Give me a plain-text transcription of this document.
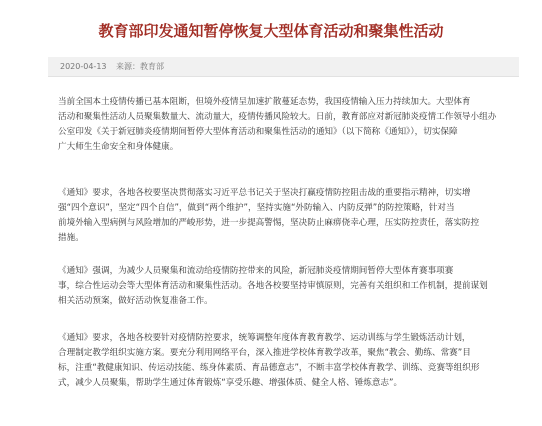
教育部印发通知暂停恢复大型体育活动和聚集性活动
2020-04-13 来源：教育部
当前全国本土疫情传播已基本阻断，但境外疫情呈加速扩散蔓延态势，我国疫情输入压力持续加大。大型体育
活动和聚集性活动人员聚集数量大、流动量大，疫情传播风险较大。日前，教育部应对新冠肺炎疫情工作领导小组办
公室印发《关于新冠肺炎疫情期间暂停大型体育活动和聚集性活动的通知》（以下简称《通知》），切实保障
广大师生生命安全和身体健康。
《通知》要求，各地各校要坚决贯彻落实习近平总书记关于坚决打赢疫情防控阻击战的重要指示精神，切实增
强“四个意识”，坚定“四个自信”，做到“两个维护”，坚持实施“外防输入、内防反弹”的防控策略，针对当
前境外输入型病例与风险增加的严峻形势，进一步提高警惕，坚决防止麻痹侥幸心理，压实防控责任，落实防控
措施。
《通知》强调，为减少人员聚集和流动给疫情防控带来的风险，新冠肺炎疫情期间暂停大型体育赛事项赛
事，综合性运动会等大型体育活动和聚集性活动。各地各校要坚持审慎原则，完善有关组织和工作机制，提前谋划
相关活动预案，做好活动恢复准备工作。
《通知》要求，各地各校要针对疫情防控要求，统筹调整年度体育教育教学、运动训练与学生锻炼活动计划，
合理制定教学组织实施方案。要充分利用网络平台，深入推进学校体育教学改革，聚焦“教会、勤练、常赛”目
标，注重“教健康知识、传运动技能、练身体素质、育品德意志”，不断丰富学校体育教学、训练、竞赛等组织形
式，减少人员聚集，帮助学生通过体育锻炼“享受乐趣、增强体质、健全人格、锤炼意志”。
